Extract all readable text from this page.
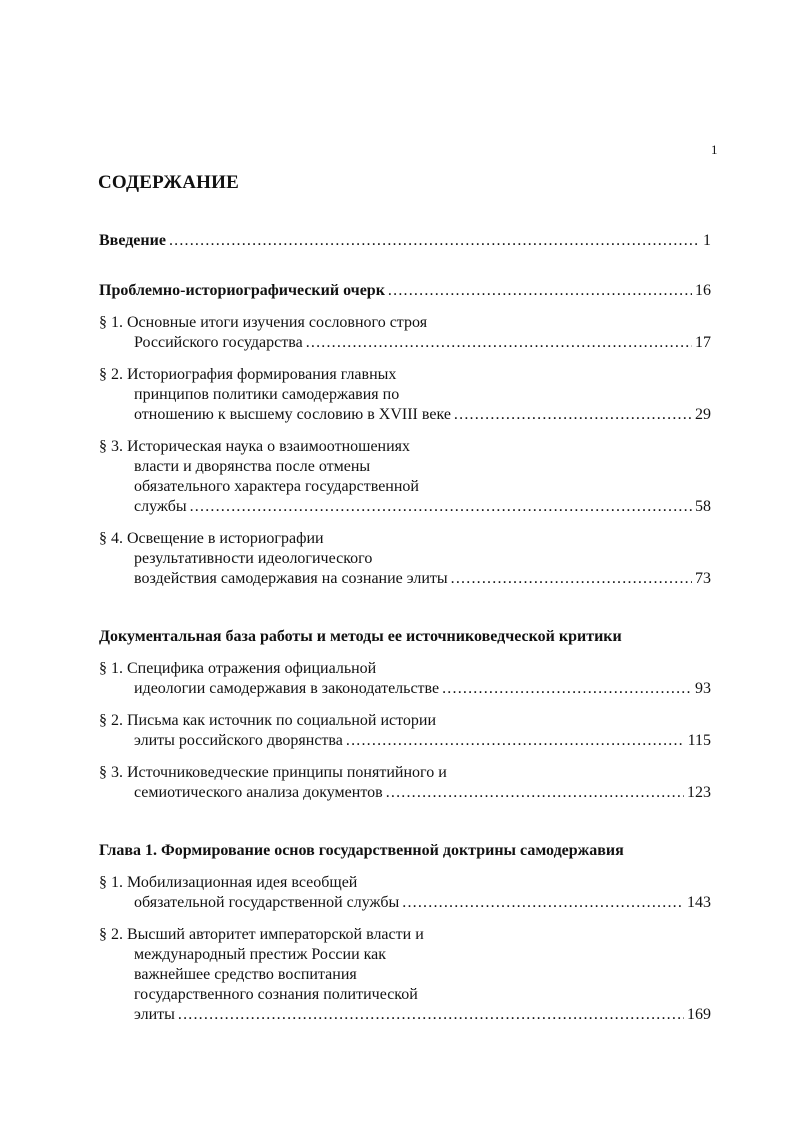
1
СОДЕРЖАНИЕ
Введение .....	1
Проблемно-историографический очерк .....	16
§ 1. Основные итоги изучения сословного строя
Российского государства .....	17
§ 2. Историография формирования главных
принципов политики самодержавия по
отношению к высшему сословию в XVIII веке .....	29
§ 3. Историческая наука о взаимоотношениях
власти и дворянства после отмены
обязательного характера государственной
службы .....	58
§ 4. Освещение в историографии
результативности идеологического
воздействия самодержавия на сознание элиты .....	73
Документальная база работы и методы ее источниковедческой критики
§ 1. Специфика отражения официальной
идеологии самодержавия в законодательстве .....	93
§ 2. Письма как источник по социальной истории
элиты российского дворянства .....	115
§ 3. Источниковедческие принципы понятийного и
семиотического анализа документов .....	123
Глава 1. Формирование основ государственной доктрины самодержавия
§ 1. Мобилизационная идея всеобщей
обязательной государственной службы .....	143
§ 2. Высший авторитет императорской власти и
международный престиж России как
важнейшее средство воспитания
государственного сознания политической
элиты .....	169
